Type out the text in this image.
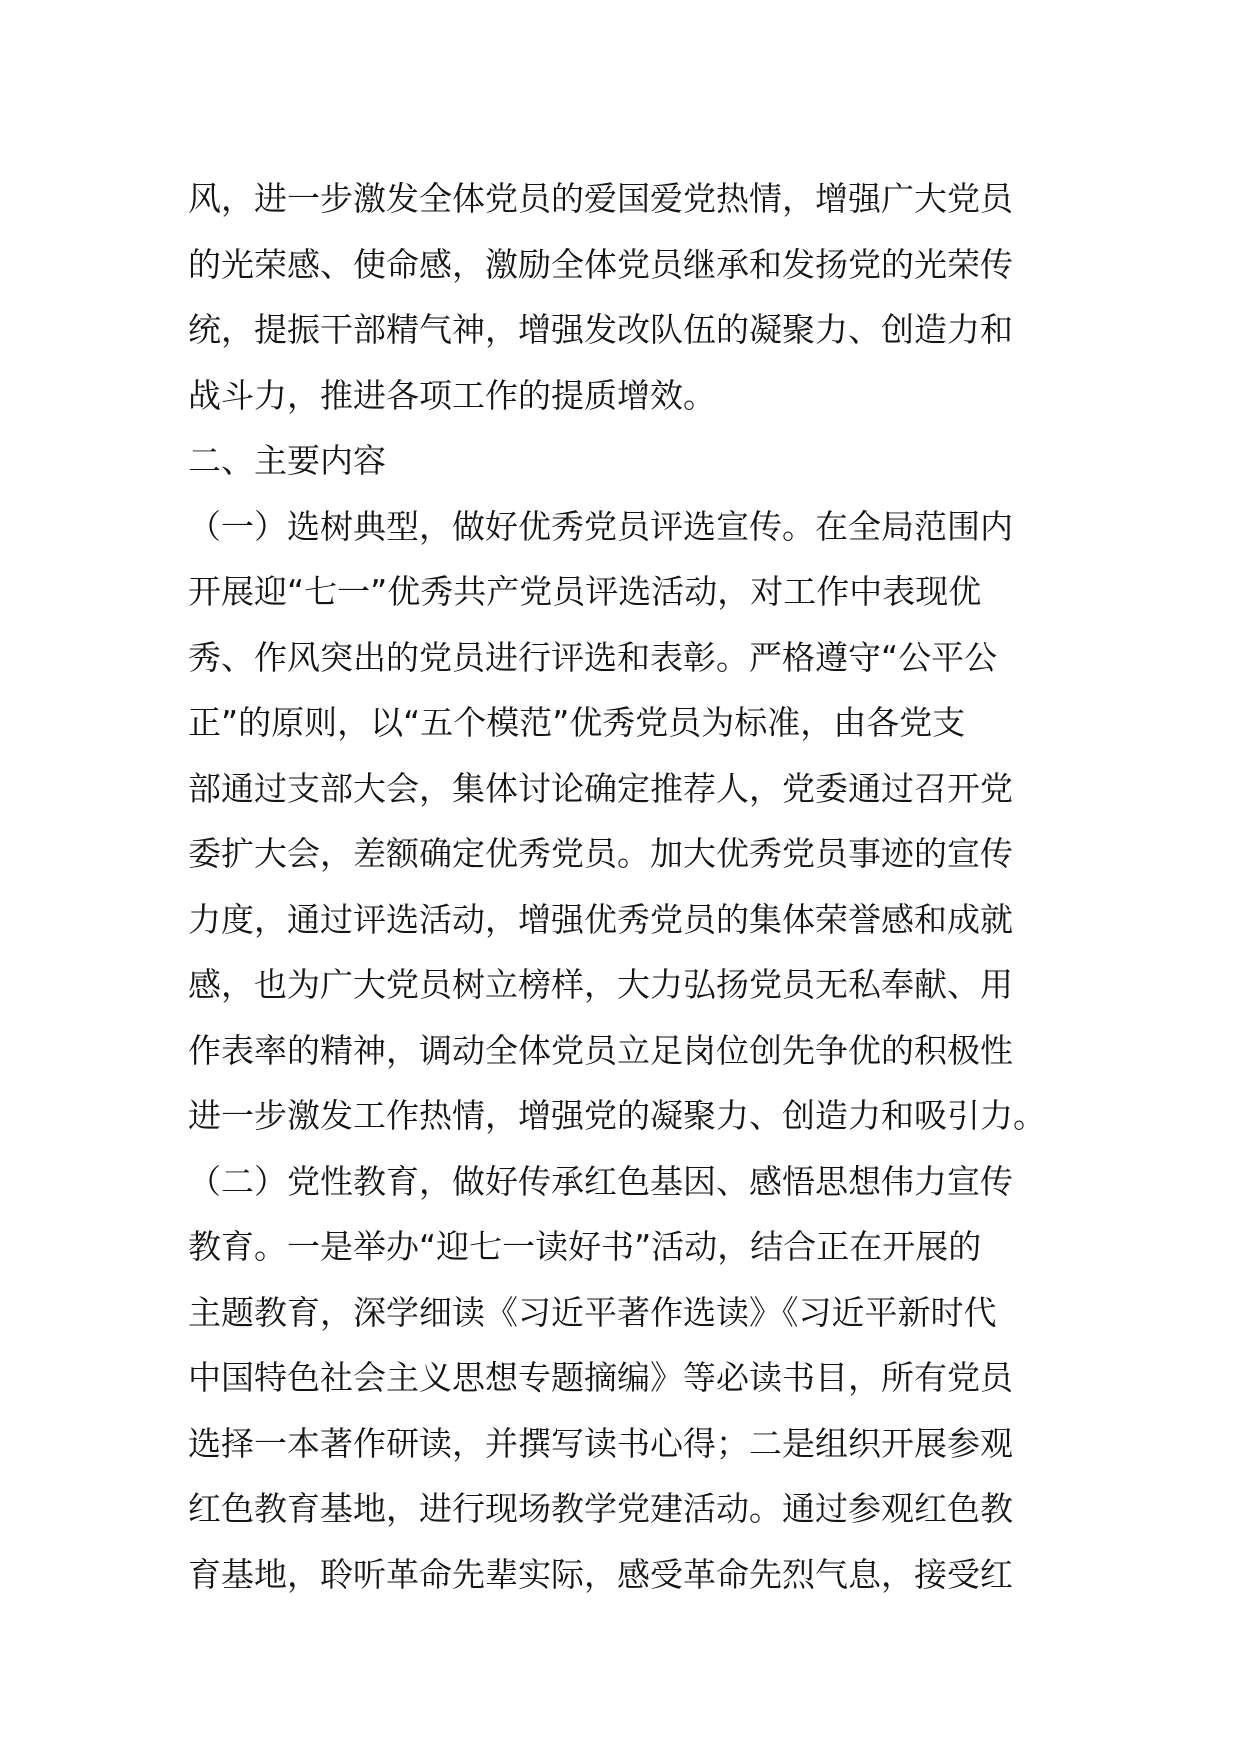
风，进一步激发全体党员的爱国爱党热情，增强广大党员
的光荣感、使命感，激励全体党员继承和发扬党的光荣传
统，提振干部精气神，增强发改队伍的凝聚力、创造力和
战斗力，推进各项工作的提质增效。
二、主要内容
（一）选树典型，做好优秀党员评选宣传。在全局范围内
开展迎“七一”优秀共产党员评选活动，对工作中表现优
秀、作风突出的党员进行评选和表彰。严格遵守“公平公
正”的原则，以“五个模范”优秀党员为标准，由各党支
部通过支部大会，集体讨论确定推荐人，党委通过召开党
委扩大会，差额确定优秀党员。加大优秀党员事迹的宣传
力度，通过评选活动，增强优秀党员的集体荣誉感和成就
感，也为广大党员树立榜样，大力弘扬党员无私奉献、用
作表率的精神，调动全体党员立足岗位创先争优的积极性
进一步激发工作热情，增强党的凝聚力、创造力和吸引力。
（二）党性教育，做好传承红色基因、感悟思想伟力宣传
教育。一是举办“迎七一读好书”活动，结合正在开展的
主题教育，深学细读《习近平著作选读》《习近平新时代
中国特色社会主义思想专题摘编》等必读书目，所有党员
选择一本著作研读，并撰写读书心得；二是组织开展参观
红色教育基地，进行现场教学党建活动。通过参观红色教
育基地，聆听革命先辈实际，感受革命先烈气息，接受红
